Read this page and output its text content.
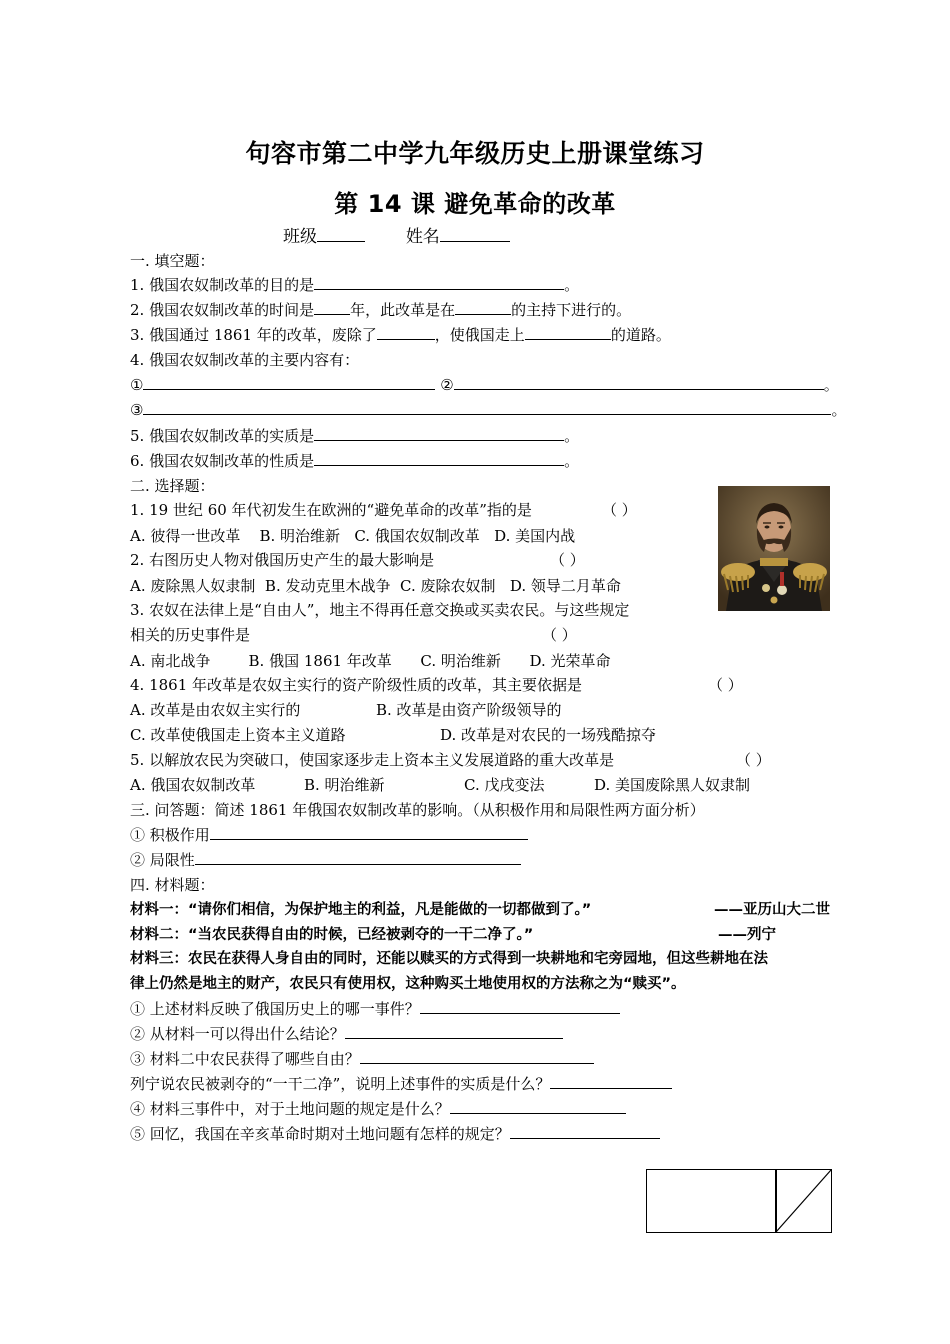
句容市第二中学九年级历史上册课堂练习
第 14 课 避免革命的改革
班级	姓名
一. 填空题：
1. 俄国农奴制改革的目的是	。
2. 俄国农奴制改革的时间是 年，此改革是在	的主持下进行的。
3. 俄国通过 1861 年的改革，废除了	，使俄国走上	的道路。
4. 俄国农奴制改革的主要内容有：
①	②	。
③	。
5. 俄国农奴制改革的实质是	。
6. 俄国农奴制改革的性质是	。
二. 选择题：
1. 19 世纪 60 年代初发生在欧洲的“避免革命的改革”指的是	（ ）
A. 彼得一世改革 B. 明治维新 C. 俄国农奴制改革 D. 美国内战
2. 右图历史人物对俄国历史产生的最大影响是	（ ）
A. 废除黑人奴隶制 B. 发动克里木战争 C. 废除农奴制 D. 领导二月革命
3. 农奴在法律上是“自由人”，地主不得再任意交换或买卖农民。与这些规定
相关的历史事件是	（ ）
A. 南北战争	B. 俄国 1861 年改革 C. 明治维新 D. 光荣革命
4. 1861 年改革是农奴主实行的资产阶级性质的改革，其主要依据是	（ ）
A. 改革是由农奴主实行的	B. 改革是由资产阶级领导的
C. 改革使俄国走上资本主义道路	D. 改革是对农民的一场残酷掠夺
5. 以解放农民为突破口，使国家逐步走上资本主义发展道路的重大改革是	（ ）
A. 俄国农奴制改革	B. 明治维新	C. 戊戌变法	D. 美国废除黑人奴隶制
三. 问答题：简述 1861 年俄国农奴制改革的影响。（从积极作用和局限性两方面分析）
① 积极作用
② 局限性
四. 材料题：
材料一：“请你们相信，为保护地主的利益，凡是能做的一切都做到了。”	——亚历山大二世
材料二：“当农民获得自由的时候，已经被剥夺的一干二净了。”	——列宁
材料三：农民在获得人身自由的同时，还能以赎买的方式得到一块耕地和宅旁园地，但这些耕地在法
律上仍然是地主的财产，农民只有使用权，这种购买土地使用权的方法称之为“赎买”。
① 上述材料反映了俄国历史上的哪一事件？
② 从材料一可以得出什么结论？
③ 材料二中农民获得了哪些自由？
列宁说农民被剥夺的“一干二净”，说明上述事件的实质是什么？
④ 材料三事件中，对于土地问题的规定是什么？
⑤ 回忆，我国在辛亥革命时期对土地问题有怎样的规定？
